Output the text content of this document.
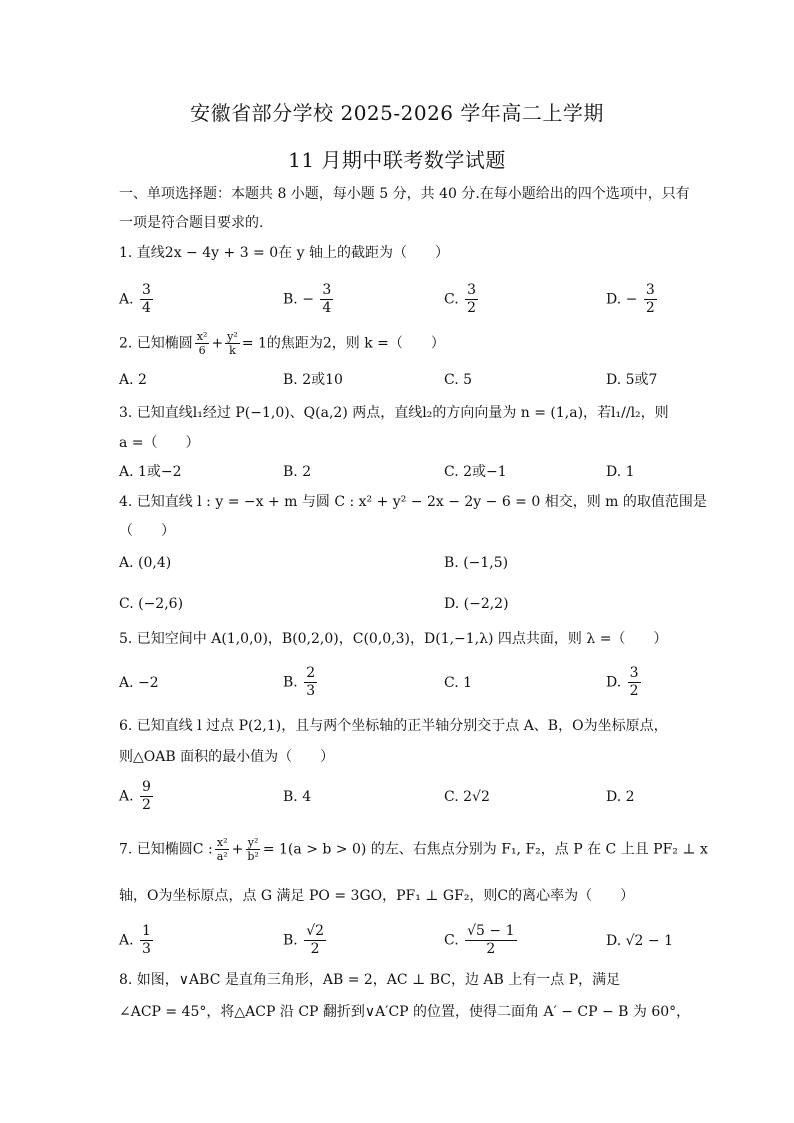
安徽省部分学校 2025-2026 学年高二上学期
11 月期中联考数学试题
一、单项选择题：本题共 8 小题，每小题 5 分，共 40 分.在每小题给出的四个选项中，只有
一项是符合题目要求的.
1. 直线2x − 4y + 3 = 0在 y 轴上的截距为（　　）
A. $\frac{3}{4}$	B. − $\frac{3}{4}$	C. $\frac{3}{2}$	D. − $\frac{3}{2}$
2. 已知椭圆 $\frac{\text{x²}}{6} + \frac{\text{y²}}{k} = 1$的焦距为2，则 k =（　　）
A. 2	B. 2或10	C. 5	D. 5或7
3. 已知直线l₁经过 P(−1,0)、Q(a,2) 两点，直线l₂的方向向量为 n = (1,a)，若l₁//l₂，则
a =（　　）
A. 1或−2	B. 2	C. 2或−1	D. 1
4. 已知直线 l : y = −x + m 与圆 C : x² + y² − 2x − 2y − 6 = 0 相交，则 m 的取值范围是
（　　）
A. (0,4)	B. (−1,5)
C. (−2,6)	D. (−2,2)
5. 已知空间中 A(1,0,0)，B(0,2,0)，C(0,0,3)，D(1,−1,λ) 四点共面，则 λ =（　　）
A. −2	B. $\frac{2}{3}$	C. 1	D. $\frac{3}{2}$
6. 已知直线 l 过点 P(2,1)，且与两个坐标轴的正半轴分别交于点 A、B，O为坐标原点，
则△OAB 面积的最小值为（　　）
A. $\frac{9}{2}$	B. 4	C. 2√2	D. 2
7. 已知椭圆C : $\frac{\text{x²}}{\text{a²}} + \frac{\text{y²}}{\text{b²}} = 1(a > b > 0)$ 的左、右焦点分别为 F₁, F₂，点 P 在 C 上且 PF₂ ⊥ x
轴，O为坐标原点，点 G 满足 PO = 3GO，PF₁ ⊥ GF₂，则C的离心率为（　　）
A. $\frac{1}{3}$	B. $\frac{√2}{2}$	C. $\frac{√5 - 1}{2}$	D. √2 − 1
8. 如图，∨ABC 是直角三角形，AB = 2，AC ⊥ BC，边 AB 上有一点 P，满足
∠ACP = 45°，将△ACP 沿 CP 翻折到∨A′CP 的位置，使得二面角 A′ − CP − B 为 60°，
